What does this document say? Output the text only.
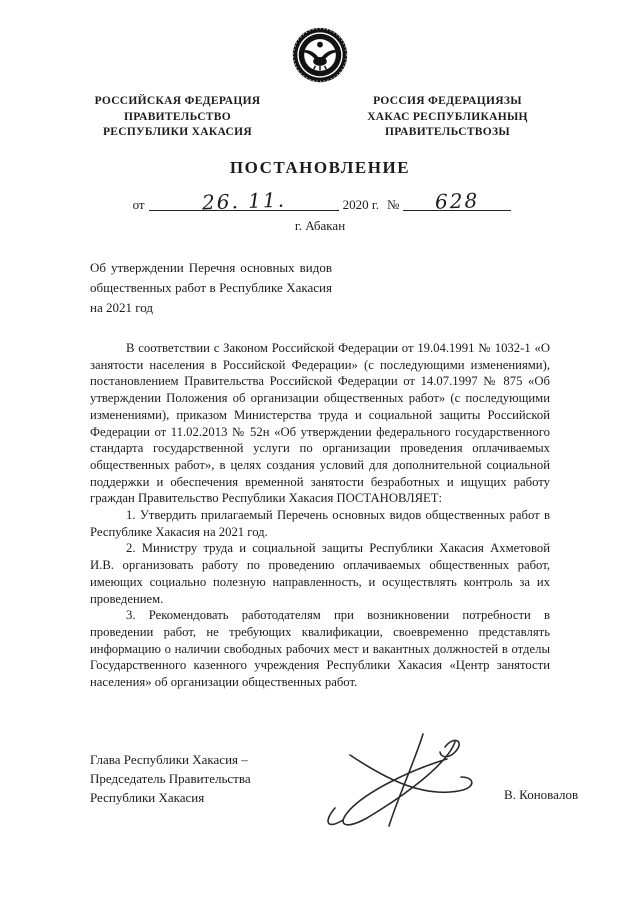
РОССИЙСКАЯ ФЕДЕРАЦИЯ
ПРАВИТЕЛЬСТВО
РЕСПУБЛИКИ ХАКАСИЯ
РОССИЯ ФЕДЕРАЦИЯЗЫ
ХАКАС РЕСПУБЛИКАНЫҢ
ПРАВИТЕЛЬСТВОЗЫ
ПОСТАНОВЛЕНИЕ
от	26. 11.	2020 г. № 628
г. Абакан
Об утверждении Перечня основных видов общественных работ в Республике Хакасия на 2021 год

В соответствии с Законом Российской Федерации от 19.04.1991 № 1032-1 «О занятости населения в Российской Федерации» (с последующими изменениями), постановлением Правительства Российской Федерации от 14.07.1997 № 875 «Об утверждении Положения об организации общественных работ» (с последующими изменениями), приказом Министерства труда и социальной защиты Российской Федерации от 11.02.2013 № 52н «Об утверждении федерального государственного стандарта государственной услуги по организации проведения оплачиваемых общественных работ», в целях создания условий для дополнительной социальной поддержки и обеспечения временной занятости безработных и ищущих работу граждан Правительство Республики Хакасия ПОСТАНОВЛЯЕТ:

1. Утвердить прилагаемый Перечень основных видов общественных работ в Республике Хакасия на 2021 год.

2. Министру труда и социальной защиты Республики Хакасия Ахметовой И.В. организовать работу по проведению оплачиваемых общественных работ, имеющих социально полезную направленность, и осуществлять контроль за их проведением.

3. Рекомендовать работодателям при возникновении потребности в проведении работ, не требующих квалификации, своевременно представлять информацию о наличии свободных рабочих мест и вакантных должностей в отделы Государственного казенного учреждения Республики Хакасия «Центр занятости населения» об организации общественных работ.

Глава Республики Хакасия –
Председатель Правительства
Республики Хакасия	В. Коновалов
